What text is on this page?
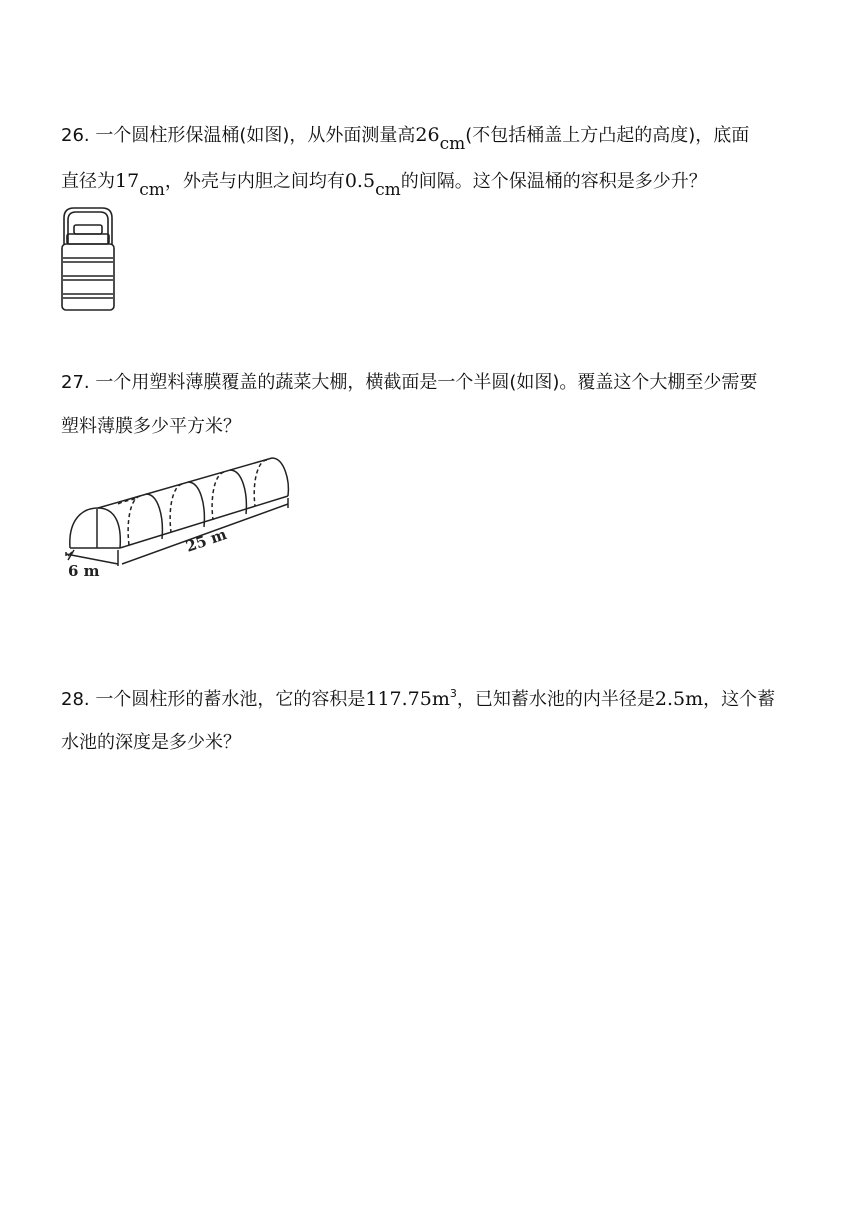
26. 一个圆柱形保温桶(如图)，从外面测量高26cm(不包括桶盖上方凸起的高度)，底面
直径为17cm，外壳与内胆之间均有0.5cm的间隔。这个保温桶的容积是多少升？
27. 一个用塑料薄膜覆盖的蔬菜大棚，横截面是一个半圆(如图)。覆盖这个大棚至少需要
塑料薄膜多少平方米？
6 m
25 m
28. 一个圆柱形的蓄水池，它的容积是$117.75m^3$，已知蓄水池的内半径是2.5m，这个蓄
水池的深度是多少米？
